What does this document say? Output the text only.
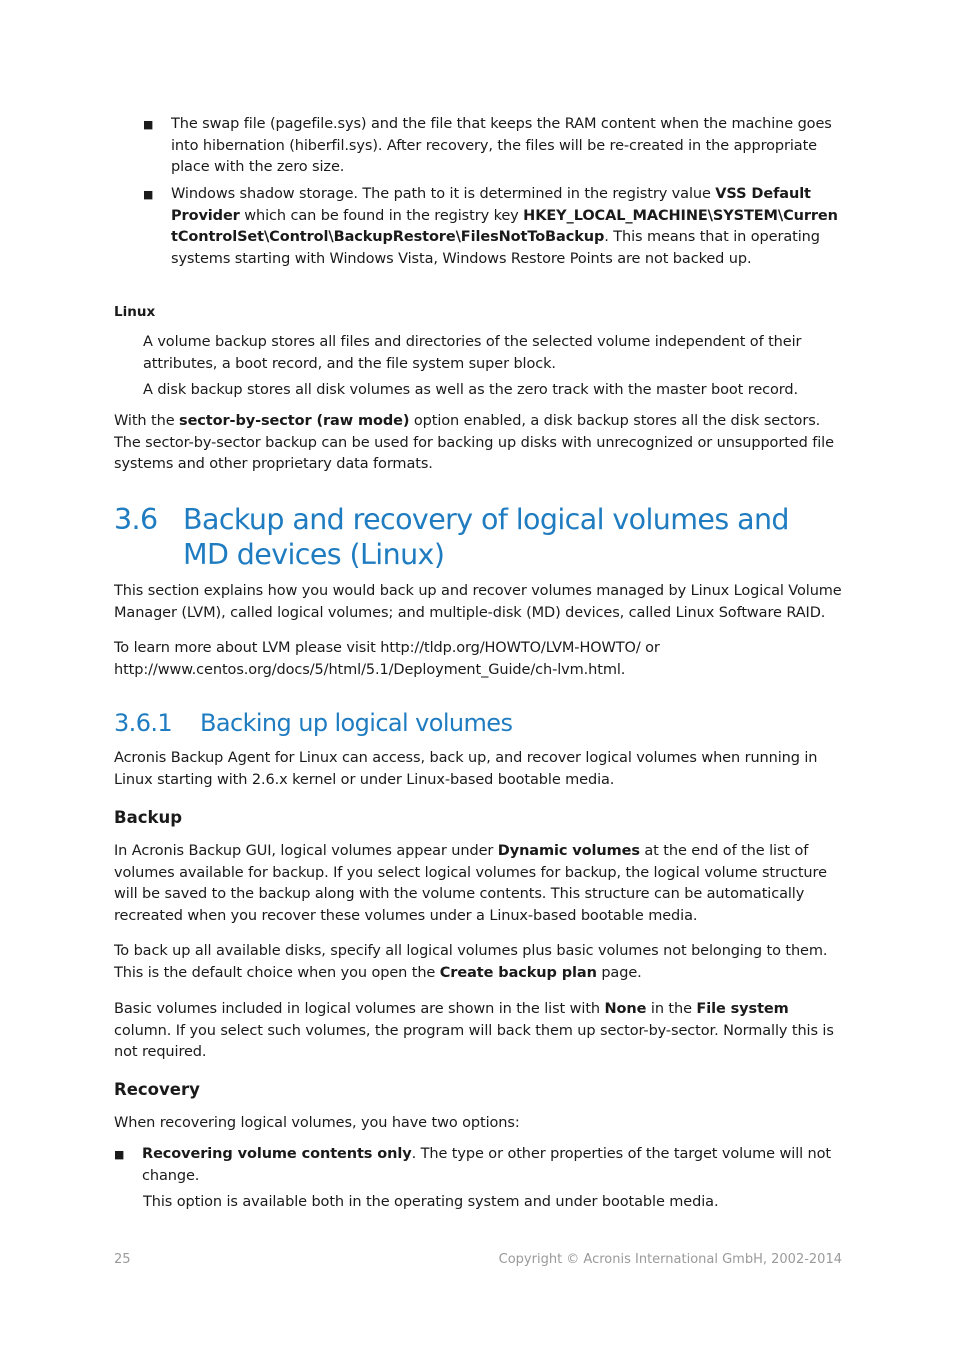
■ The swap file (pagefile.sys) and the file that keeps the RAM content when the machine goes into hibernation (hiberfil.sys). After recovery, the files will be re-created in the appropriate place with the zero size.
■ Windows shadow storage. The path to it is determined in the registry value VSS Default Provider which can be found in the registry key HKEY_LOCAL_MACHINE\SYSTEM\CurrentControlSet\Control\BackupRestore\FilesNotToBackup. This means that in operating systems starting with Windows Vista, Windows Restore Points are not backed up.
Linux

A volume backup stores all files and directories of the selected volume independent of their attributes, a boot record, and the file system super block.

A disk backup stores all disk volumes as well as the zero track with the master boot record.

With the sector-by-sector (raw mode) option enabled, a disk backup stores all the disk sectors. The sector-by-sector backup can be used for backing up disks with unrecognized or unsupported file systems and other proprietary data formats.

3.6 Backup and recovery of logical volumes and MD devices (Linux)

This section explains how you would back up and recover volumes managed by Linux Logical Volume Manager (LVM), called logical volumes; and multiple-disk (MD) devices, called Linux Software RAID.

To learn more about LVM please visit http://tldp.org/HOWTO/LVM-HOWTO/ or http://www.centos.org/docs/5/html/5.1/Deployment_Guide/ch-lvm.html.

3.6.1 Backing up logical volumes

Acronis Backup Agent for Linux can access, back up, and recover logical volumes when running in Linux starting with 2.6.x kernel or under Linux-based bootable media.

Backup

In Acronis Backup GUI, logical volumes appear under Dynamic volumes at the end of the list of volumes available for backup. If you select logical volumes for backup, the logical volume structure will be saved to the backup along with the volume contents. This structure can be automatically recreated when you recover these volumes under a Linux-based bootable media.

To back up all available disks, specify all logical volumes plus basic volumes not belonging to them. This is the default choice when you open the Create backup plan page.

Basic volumes included in logical volumes are shown in the list with None in the File system column. If you select such volumes, the program will back them up sector-by-sector. Normally this is not required.

Recovery

When recovering logical volumes, you have two options:

■ Recovering volume contents only. The type or other properties of the target volume will not change.

This option is available both in the operating system and under bootable media.

25	Copyright © Acronis International GmbH, 2002-2014
